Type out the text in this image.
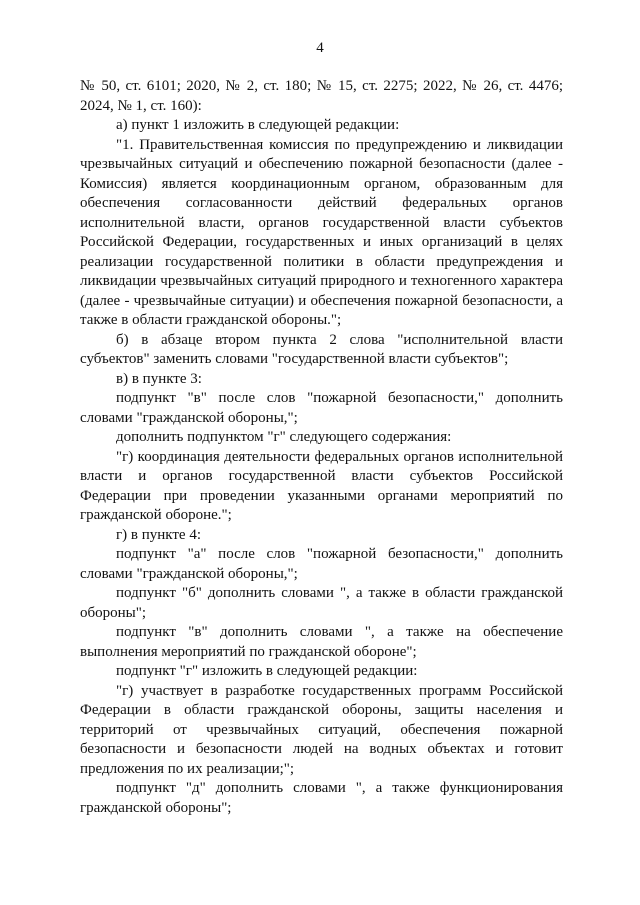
4

№ 50, ст. 6101; 2020, № 2, ст. 180; № 15, ст. 2275; 2022, № 26, ст. 4476; 2024, № 1, ст. 160):

а) пункт 1 изложить в следующей редакции:

"1. Правительственная комиссия по предупреждению и ликвидации чрезвычайных ситуаций и обеспечению пожарной безопасности (далее - Комиссия) является координационным органом, образованным для обеспечения согласованности действий федеральных органов исполнительной власти, органов государственной власти субъектов Российской Федерации, государственных и иных организаций в целях реализации государственной политики в области предупреждения и ликвидации чрезвычайных ситуаций природного и техногенного характера (далее - чрезвычайные ситуации) и обеспечения пожарной безопасности, а также в области гражданской обороны.";

б) в абзаце втором пункта 2 слова "исполнительной власти субъектов" заменить словами "государственной власти субъектов";

в) в пункте 3:

подпункт "в" после слов "пожарной безопасности," дополнить словами "гражданской обороны,";

дополнить подпунктом "г" следующего содержания:

"г) координация деятельности федеральных органов исполнительной власти и органов государственной власти субъектов Российской Федерации при проведении указанными органами мероприятий по гражданской обороне.";

г) в пункте 4:

подпункт "а" после слов "пожарной безопасности," дополнить словами "гражданской обороны,";

подпункт "б" дополнить словами ", а также в области гражданской обороны";

подпункт "в" дополнить словами ", а также на обеспечение выполнения мероприятий по гражданской обороне";

подпункт "г" изложить в следующей редакции:

"г) участвует в разработке государственных программ Российской Федерации в области гражданской обороны, защиты населения и территорий от чрезвычайных ситуаций, обеспечения пожарной безопасности и безопасности людей на водных объектах и готовит предложения по их реализации;";

подпункт "д" дополнить словами ", а также функционирования гражданской обороны";
